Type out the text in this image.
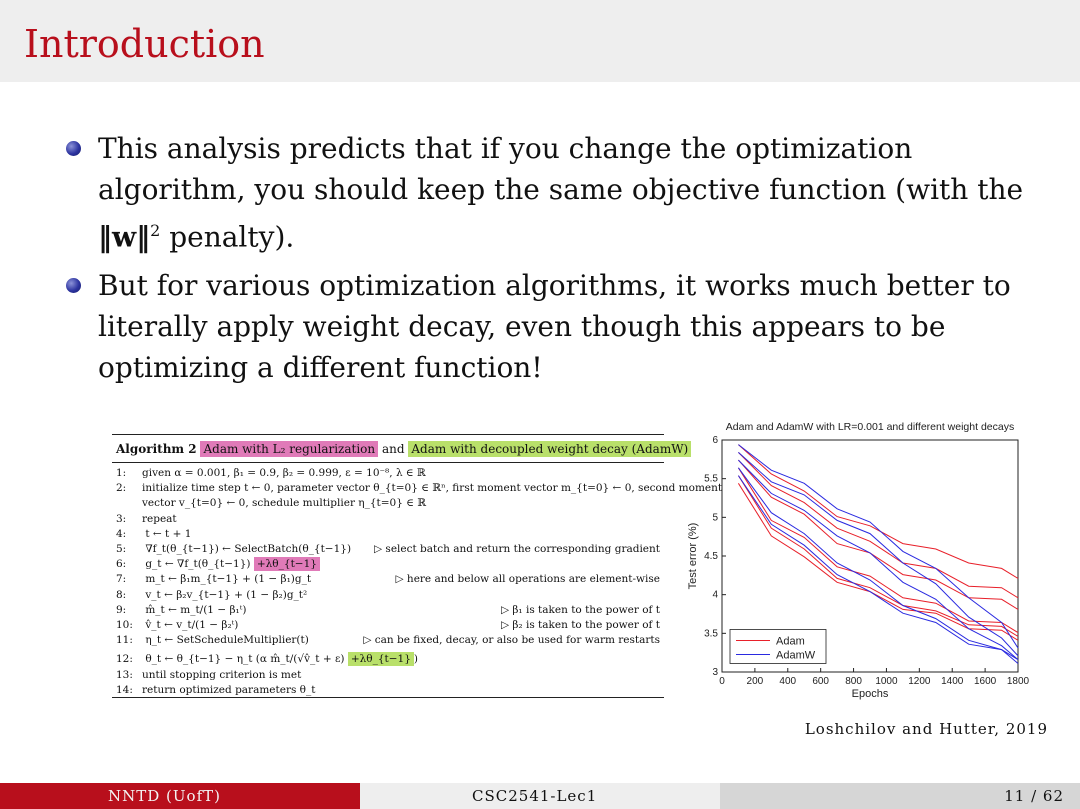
Introduction
This analysis predicts that if you change the optimization algorithm, you should keep the same objective function (with the ‖w‖$^2$ penalty).
But for various optimization algorithms, it works much better to literally apply weight decay, even though this appears to be optimizing a different function!
Algorithm 2 Adam with L₂ regularization and Adam with decoupled weight decay (AdamW)
1: given α = 0.001, β₁ = 0.9, β₂ = 0.999, ε = 10⁻⁸, λ ∈ ℝ
2: initialize time step t ← 0, parameter vector θ_{t=0} ∈ ℝⁿ, first moment vector m_{t=0} ← 0, second moment
vector v_{t=0} ← 0, schedule multiplier η_{t=0} ∈ ℝ
3: repeat
4: t ← t + 1
5: ∇f_t(θ_{t−1}) ← SelectBatch(θ_{t−1}) ▷ select batch and return the corresponding gradient
6: g_t ← ∇f_t(θ_{t−1}) +λθ_{t−1}
7: m_t ← β₁m_{t−1} + (1 − β₁)g_t	▷ here and below all operations are element-wise
8: v_t ← β₂v_{t−1} + (1 − β₂)g_t²
9: m̂_t ← m_t/(1 − β₁ᵗ)	▷ β₁ is taken to the power of t
10: v̂_t ← v_t/(1 − β₂ᵗ)	▷ β₂ is taken to the power of t
11: η_t ← SetScheduleMultiplier(t)	▷ can be fixed, decay, or also be used for warm restarts
12: θ_t ← θ_{t−1} − η_t (α m̂_t/(√v̂_t + ε) +λθ_{t−1} )
13: until stopping criterion is met
14: return optimized parameters θ_t
Adam and AdamW with LR=0.001 and different weight decays
0 200 400 600 800 1000 1200 1400 1600 1800
3
3.5
4
4.5
5
5.5
6
Epochs
Test error (%)
Adam
AdamW
Loshchilov and Hutter, 2019
NNTD (UofT)	CSC2541-Lec1	11 / 62
